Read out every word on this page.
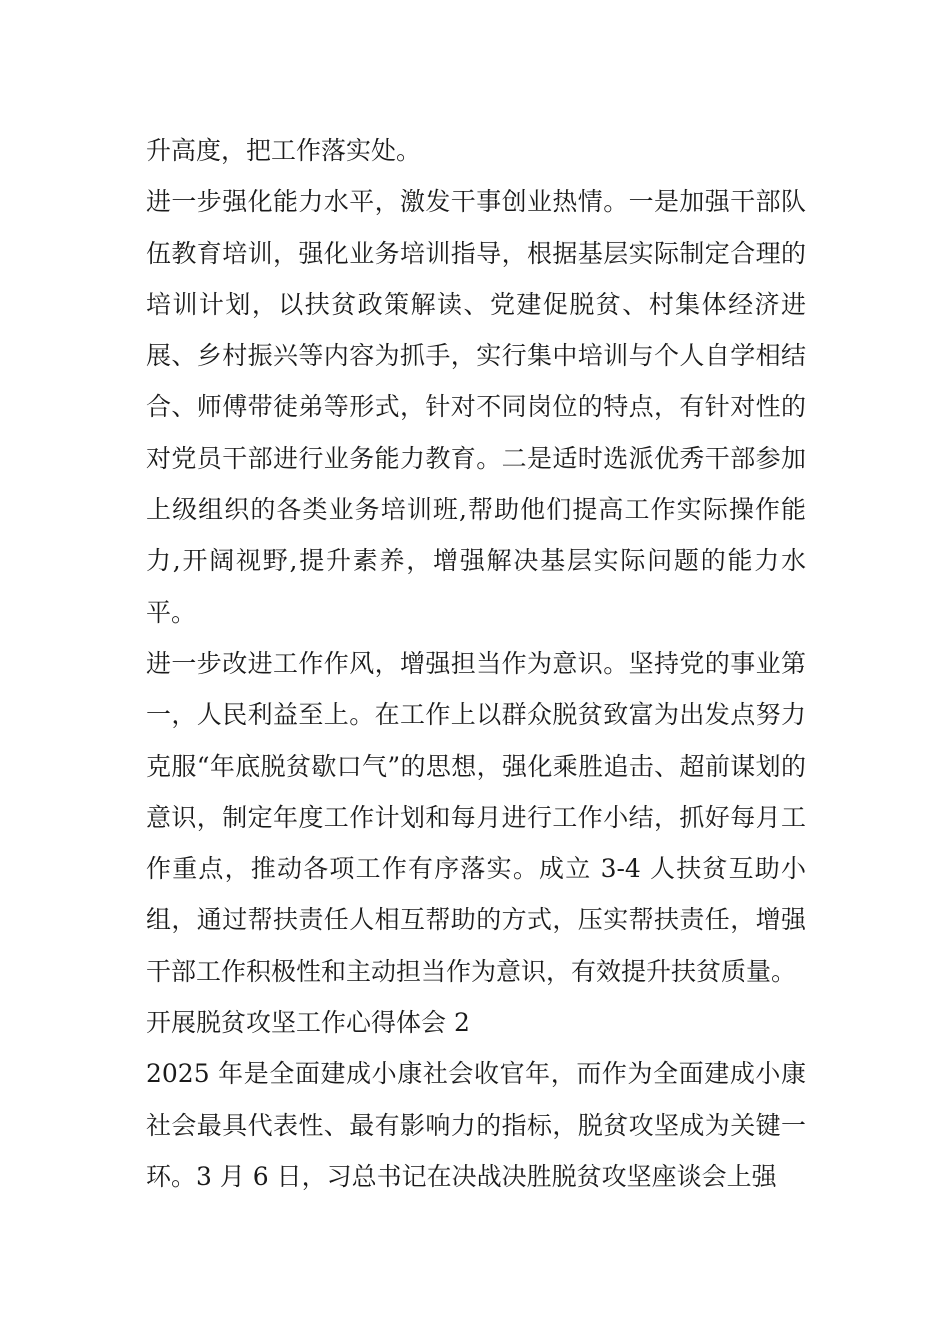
升高度，把工作落实处。

进一步强化能力水平，激发干事创业热情。一是加强干部队伍教育培训，强化业务培训指导，根据基层实际制定合理的培训计划，以扶贫政策解读、党建促脱贫、村集体经济进展、乡村振兴等内容为抓手，实行集中培训与个人自学相结合、师傅带徒弟等形式，针对不同岗位的特点，有针对性的对党员干部进行业务能力教育。二是适时选派优秀干部参加上级组织的各类业务培训班,帮助他们提高工作实际操作能力,开阔视野,提升素养，增强解决基层实际问题的能力水平。

进一步改进工作作风，增强担当作为意识。坚持党的事业第一，人民利益至上。在工作上以群众脱贫致富为出发点努力克服“年底脱贫歇口气”的思想，强化乘胜追击、超前谋划的意识，制定年度工作计划和每月进行工作小结，抓好每月工作重点，推动各项工作有序落实。成立 3-4 人扶贫互助小组，通过帮扶责任人相互帮助的方式，压实帮扶责任，增强干部工作积极性和主动担当作为意识，有效提升扶贫质量。

开展脱贫攻坚工作心得体会 2

2025 年是全面建成小康社会收官年，而作为全面建成小康社会最具代表性、最有影响力的指标，脱贫攻坚成为关键一环。3 月 6 日，习总书记在决战决胜脱贫攻坚座谈会上强
